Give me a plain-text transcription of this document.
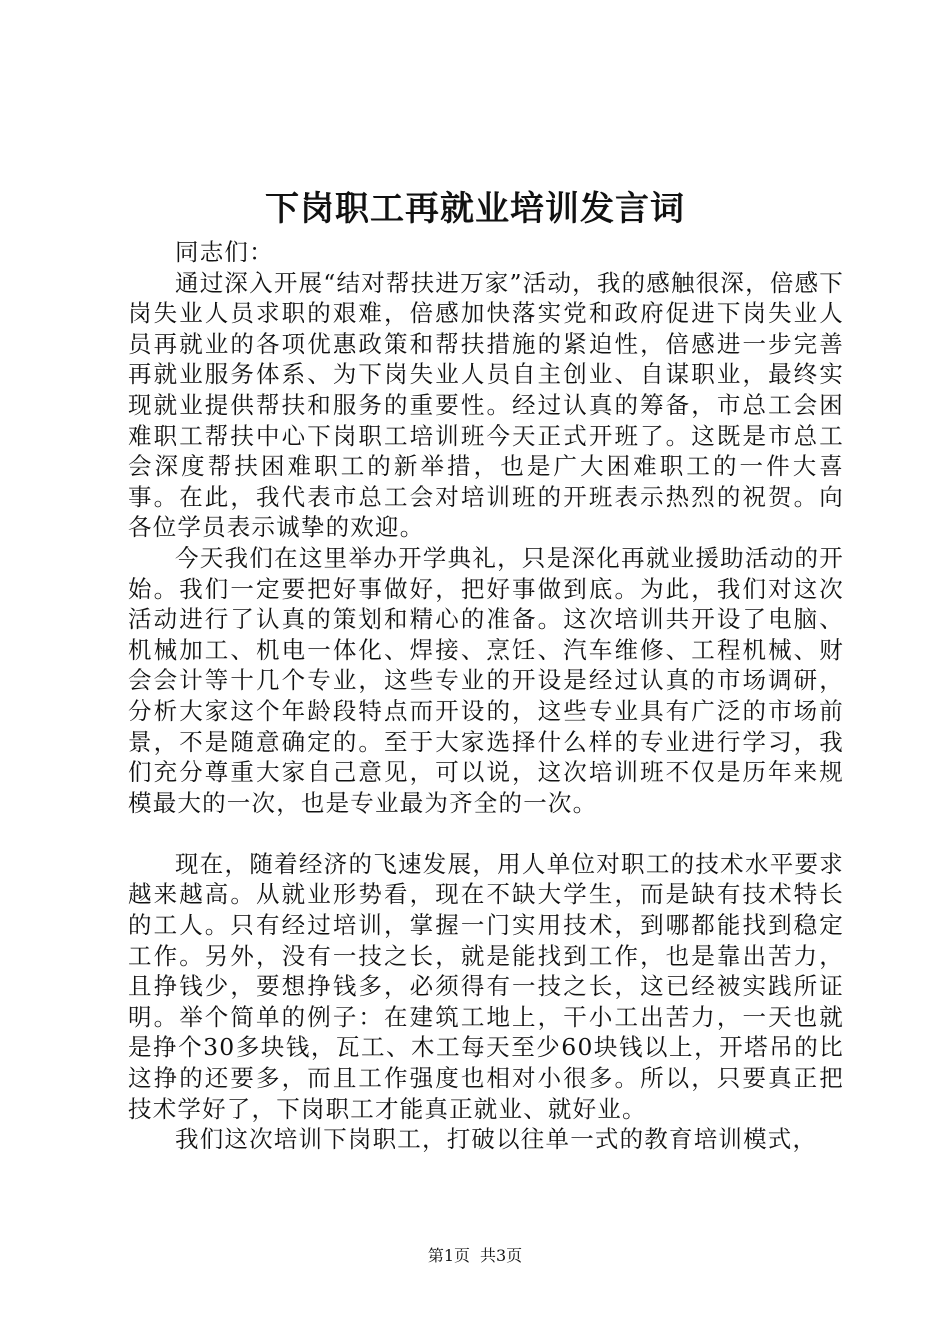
下岗职工再就业培训发言词

同志们：

通过深入开展“结对帮扶进万家”活动，我的感触很深，倍感下岗失业人员求职的艰难，倍感加快落实党和政府促进下岗失业人员再就业的各项优惠政策和帮扶措施的紧迫性，倍感进一步完善再就业服务体系、为下岗失业人员自主创业、自谋职业，最终实现就业提供帮扶和服务的重要性。经过认真的筹备，市总工会困难职工帮扶中心下岗职工培训班今天正式开班了。这既是市总工会深度帮扶困难职工的新举措，也是广大困难职工的一件大喜事。在此，我代表市总工会对培训班的开班表示热烈的祝贺。向各位学员表示诚挚的欢迎。

今天我们在这里举办开学典礼，只是深化再就业援助活动的开始。我们一定要把好事做好，把好事做到底。为此，我们对这次活动进行了认真的策划和精心的准备。这次培训共开设了电脑、机械加工、机电一体化、焊接、烹饪、汽车维修、工程机械、财会会计等十几个专业，这些专业的开设是经过认真的市场调研，分析大家这个年龄段特点而开设的，这些专业具有广泛的市场前景，不是随意确定的。至于大家选择什么样的专业进行学习，我们充分尊重大家自己意见，可以说，这次培训班不仅是历年来规模最大的一次，也是专业最为齐全的一次。

现在，随着经济的飞速发展，用人单位对职工的技术水平要求越来越高。从就业形势看，现在不缺大学生，而是缺有技术特长的工人。只有经过培训，掌握一门实用技术，到哪都能找到稳定工作。另外，没有一技之长，就是能找到工作，也是靠出苦力，且挣钱少，要想挣钱多，必须得有一技之长，这已经被实践所证明。举个简单的例子：在建筑工地上，干小工出苦力，一天也就是挣个30多块钱，瓦工、木工每天至少60块钱以上，开塔吊的比这挣的还要多，而且工作强度也相对小很多。所以，只要真正把技术学好了，下岗职工才能真正就业、就好业。

我们这次培训下岗职工，打破以往单一式的教育培训模式，

第1页 共3页
